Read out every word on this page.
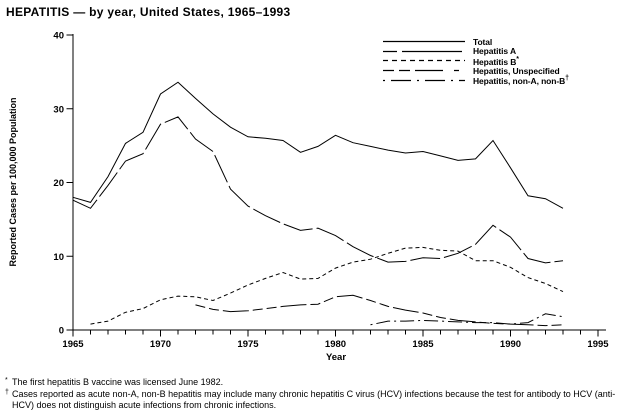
HEPATITIS — by year, United States, 1965–1993
0
10
20
30
40
1965	1970	1975	1980	1985	1990	1995
Reported Cases per 100,000 Population
Year
Total
Hepatitis A
Hepatitis B*
Hepatitis, Unspecified
Hepatitis, non-A, non-B†
* The first hepatitis B vaccine was licensed June 1982.
† Cases reported as acute non-A, non-B hepatitis may include many chronic hepatitis C virus (HCV) infections because the test for antibody to HCV (anti-HCV) does not distinguish acute infections from chronic infections.
